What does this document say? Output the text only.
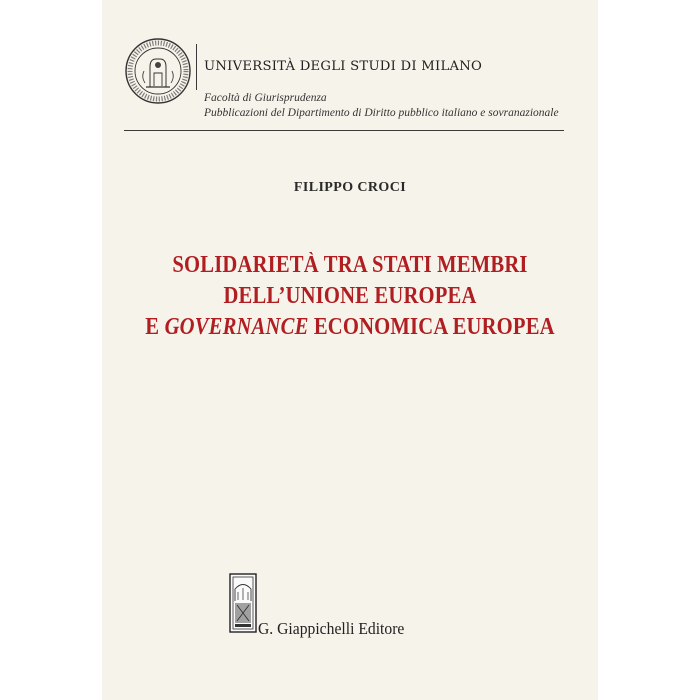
UNIVERSITÀ DEGLI STUDI DI MILANO
Facoltà di Giurisprudenza
Pubblicazioni del Dipartimento di Diritto pubblico italiano e sovranazionale
FILIPPO CROCI
SOLIDARIETÀ TRA STATI MEMBRI
DELL’UNIONE EUROPEA
E GOVERNANCE ECONOMICA EUROPEA
G. Giappichelli Editore
